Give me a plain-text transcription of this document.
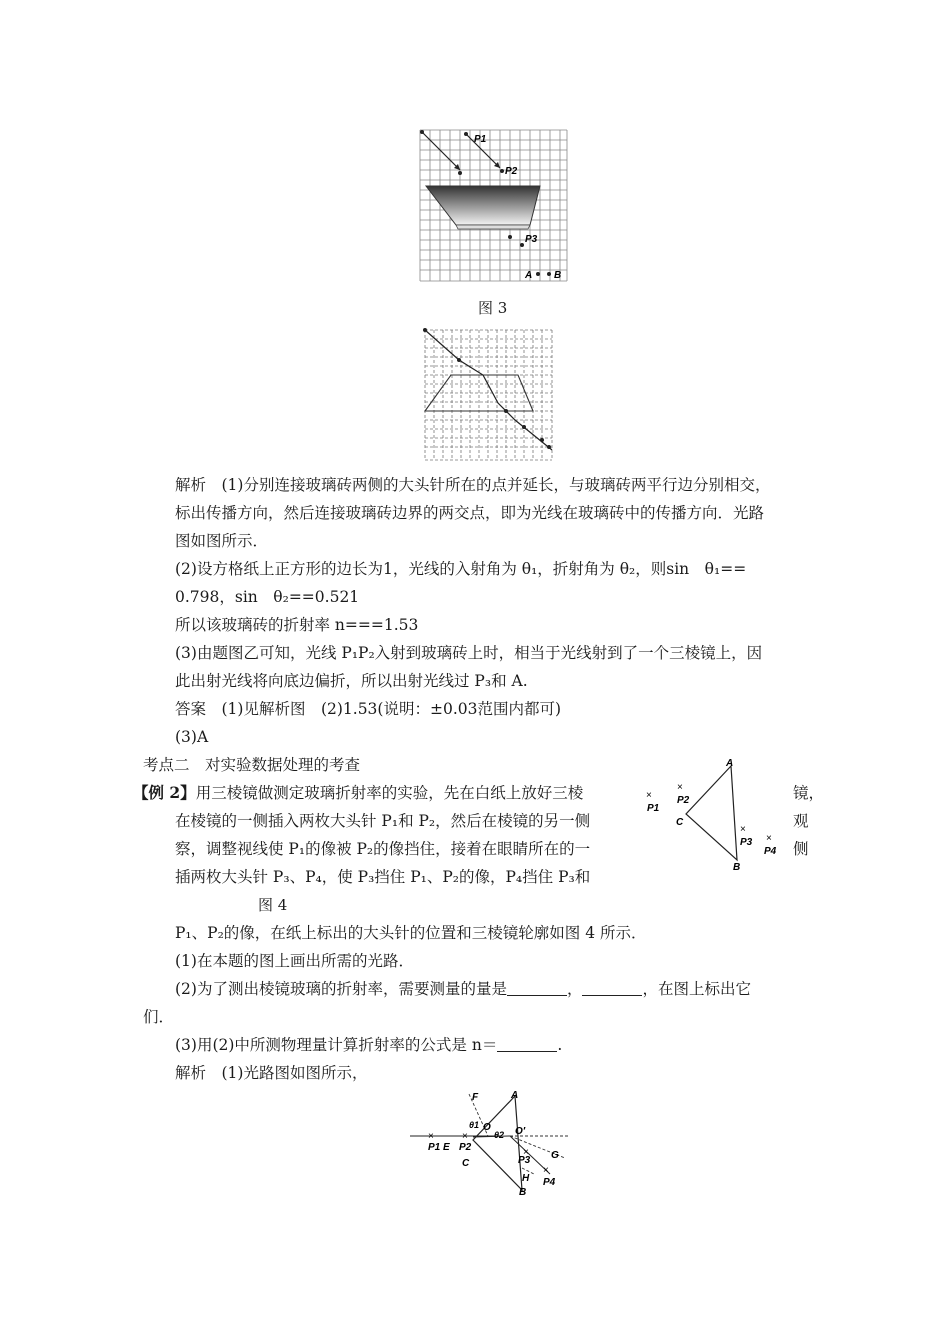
P1
P2
P3
A B
图 3
解析　(1)分别连接玻璃砖两侧的大头针所在的点并延长，与玻璃砖两平行边分别相交，
标出传播方向，然后连接玻璃砖边界的两交点，即为光线在玻璃砖中的传播方向．光路
图如图所示．
(2)设方格纸上正方形的边长为1，光线的入射角为 θ₁，折射角为 θ₂，则sin　θ₁==
0.798，sin　θ₂==0.521
所以该玻璃砖的折射率 n===1.53
(3)由题图乙可知，光线 P₁P₂入射到玻璃砖上时，相当于光线射到了一个三棱镜上，因
此出射光线将向底边偏折，所以出射光线过 P₃和 A.
答案　(1)见解析图　(2)1.53(说明：±0.03范围内都可)
(3)A
考点二　对实验数据处理的考查
【例 2】用三棱镜做测定玻璃折射率的实验，先在白纸上放好三棱	镜，
在棱镜的一侧插入两枚大头针 P₁和 P₂，然后在棱镜的另一侧	观
察，调整视线使 P₁的像被 P₂的像挡住，接着在眼睛所在的一	侧
插两枚大头针 P₃、P₄，使 P₃挡住 P₁、P₂的像，P₄挡住 P₃和
图 4
A
B
C
×
P1
×
P2
×
P3 ×
P4
P₁、P₂的像，在纸上标出的大头针的位置和三棱镜轮廓如图 4 所示．
(1)在本题的图上画出所需的光路．
(2)为了测出棱镜玻璃的折射率，需要测量的量是	，	，在图上标出它
们．
(3)用(2)中所测物理量计算折射率的公式是 n＝	.
解析　(1)光路图如图所示，
F	A
×
P1 E
θ1 O
×
P2
θ2 O′
C
×
P3 G
H
×
P4
B
